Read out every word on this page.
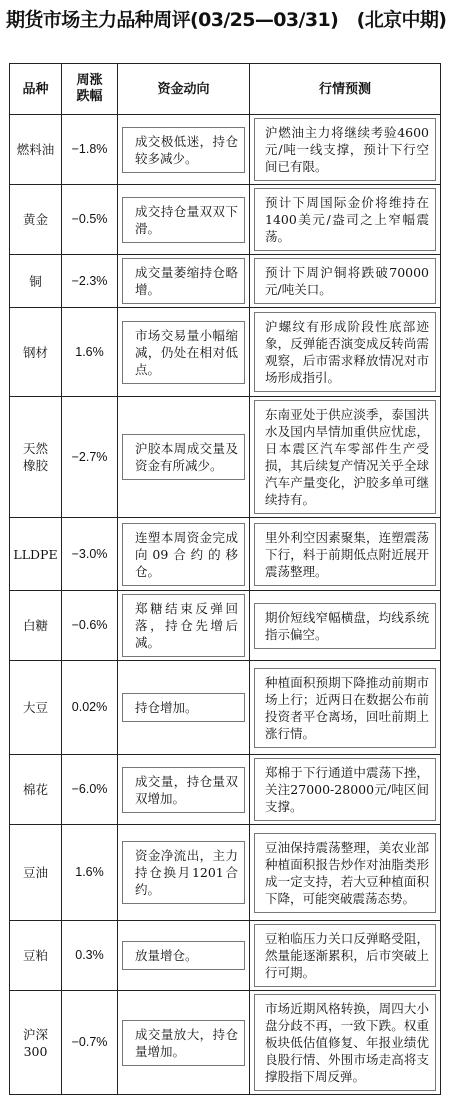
期货市场主力品种周评(03/25—03/31)　(北京中期)
品种	周涨跌幅	资金动向	行情预测
燃料油	−1.8%	成交极低迷，持仓较多减少。	沪燃油主力将继续考验4600元/吨一线支撑，预计下行空间已有限。

黄金	−0.5%	成交持仓量双双下滑。	预计下周国际金价将维持在1400美元/盎司之上窄幅震荡。

铜	−2.3%	成交量萎缩持仓略增。	预计下周沪铜将跌破70000元/吨关口。

钢材	1.6%	市场交易量小幅缩减，仍处在相对低点。	沪螺纹有形成阶段性底部迹象，反弹能否演变成反转尚需观察，后市需求释放情况对市场形成指引。

天然橡胶	−2.7%	沪胶本周成交量及资金有所减少。	东南亚处于供应淡季，泰国洪水及国内旱情加重供应忧虑，日本震区汽车零部件生产受损，其后续复产情况关乎全球汽车产量变化，沪胶多单可继续持有。

LLDPE	−3.0%	连塑本周资金完成向09合约的移仓。	里外利空因素聚集，连塑震荡下行，料于前期低点附近展开震荡整理。

白糖	−0.6%	郑糖结束反弹回落，持仓先增后减。	期价短线窄幅横盘，均线系统指示偏空。

大豆	0.02%	持仓增加。	种植面积预期下降推动前期市场上行；近两日在数据公布前投资者平仓离场，回吐前期上涨行情。

棉花	−6.0%	成交量，持仓量双双增加。	郑棉于下行通道中震荡下挫，关注27000-28000元/吨区间支撑。

豆油	1.6%	资金净流出，主力持仓换月1201合约。	豆油保持震荡整理，美农业部种植面积报告炒作对油脂类形成一定支持，若大豆种植面积下降，可能突破震荡态势。

豆粕	0.3%	放量增仓。	豆粕临压力关口反弹略受阻，然量能逐渐累积，后市突破上行可期。

沪深300	−0.7%	成交量放大，持仓量增加。	市场近期风格转换，周四大小盘分歧不再，一致下跌。权重板块低估值修复、年报业绩优良股行情、外围市场走高将支撑股指下周反弹。
